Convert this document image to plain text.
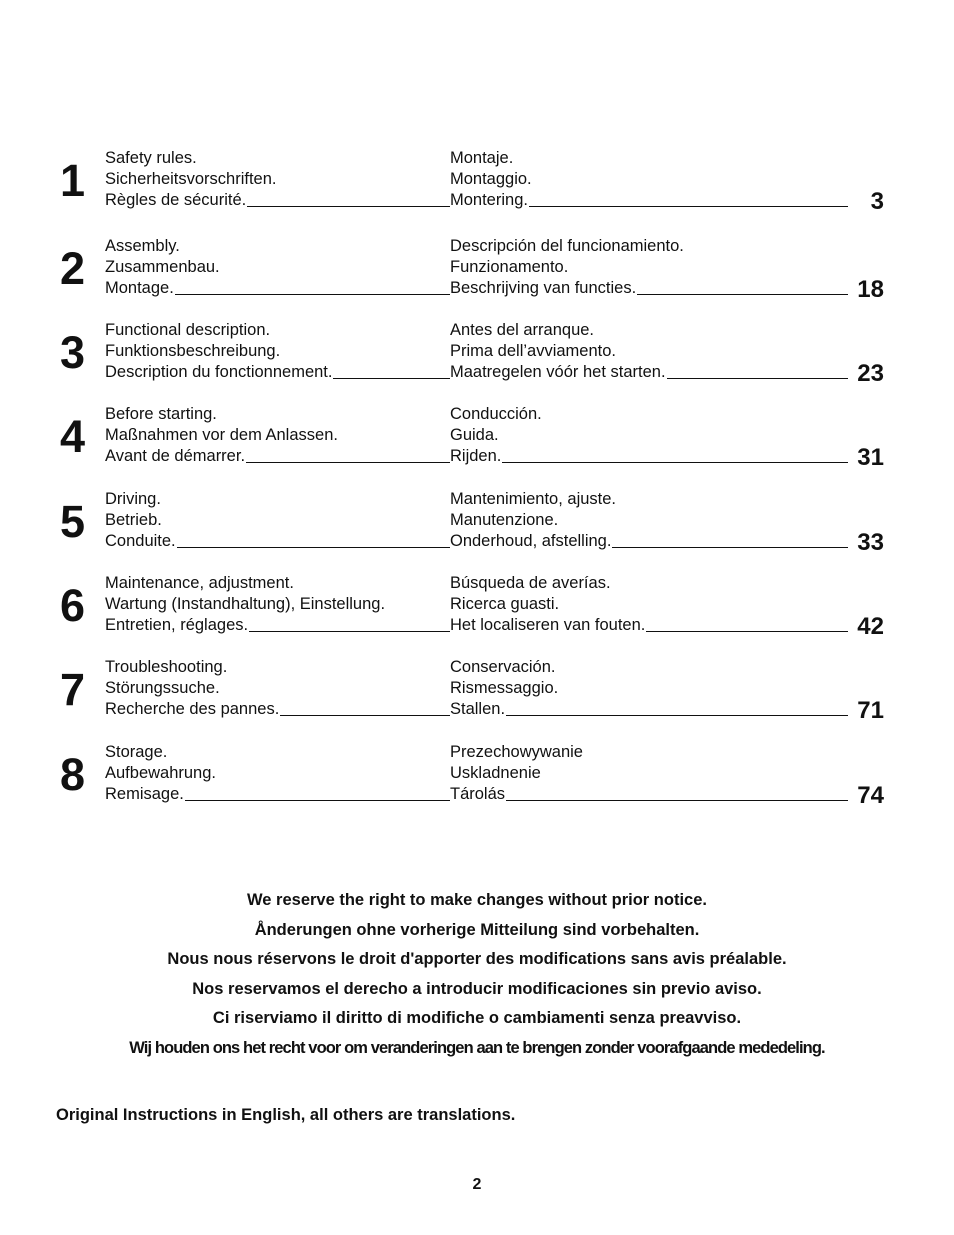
1	Safety rules.
Sicherheitsvorschriften.
Règles de sécurité.
Montaje.
Montaggio.
Montering.	3
2	Assembly.
Zusammenbau.
Montage.
Descripción del funcionamiento.
Funzionamento.
Beschrijving van functies.	18
3	Functional description.
Funktionsbeschreibung.
Description du fonctionnement.
Antes del arranque.
Prima dell’avviamento.
Maatregelen vóór het starten.	23
4	Before starting.
Maßnahmen vor dem Anlassen.
Avant de démarrer.
Conducción.
Guida.
Rijden.	31
5	Driving.
Betrieb.
Conduite.
Mantenimiento, ajuste.
Manutenzione.
Onderhoud, afstelling.	33
6	Maintenance, adjustment.
Wartung (Instandhaltung), Einstellung.
Entretien, réglages.
Búsqueda de averías.
Ricerca guasti.
Het localiseren van fouten.	42
7	Troubleshooting.
Störungssuche.
Recherche des pannes.
Conservación.
Rismessaggio.
Stallen.	71
8	Storage.
Aufbewahrung.
Remisage.
Prezechowywanie
Uskladnenie
Tárolás	74
We reserve the right to make changes without prior notice.
Ånderungen ohne vorherige Mitteilung sind vorbehalten.
Nous nous réservons le droit d'apporter des modifications sans avis préalable.
Nos reservamos el derecho a introducir modificaciones sin previo aviso.
Ci riserviamo il diritto di modifiche o cambiamenti senza preavviso.
Wij houden ons het recht voor om veranderingen aan te brengen zonder voorafgaande mededeling.
Original Instructions in English, all others are translations.
2
